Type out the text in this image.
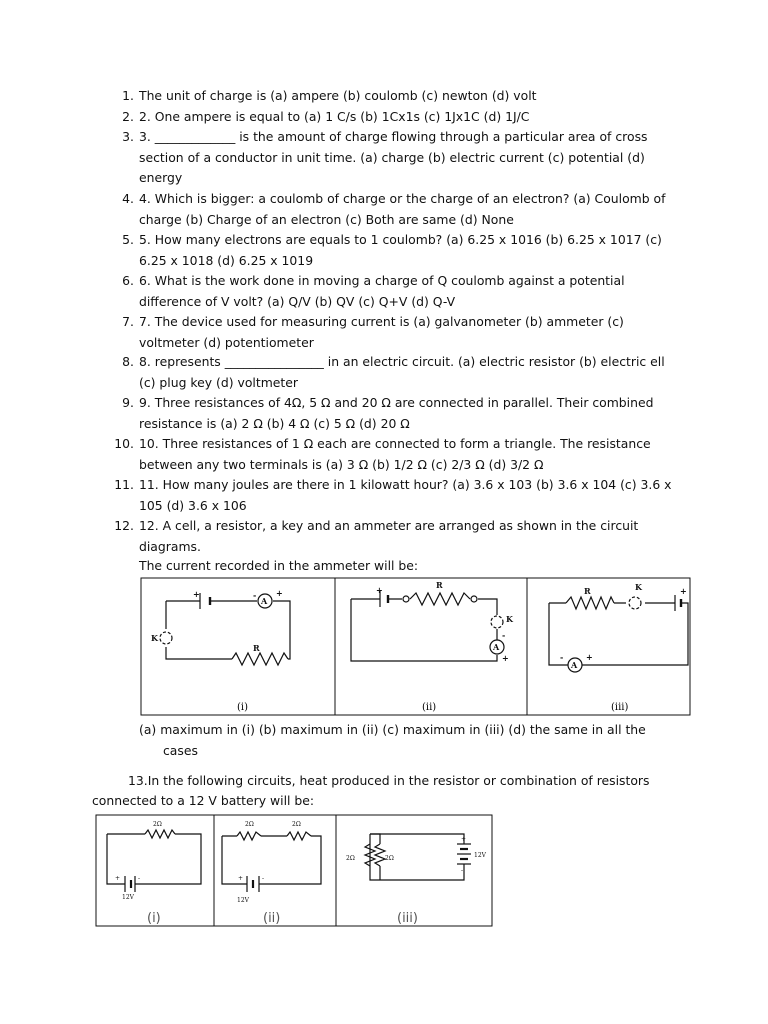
1. The unit of charge is (a) ampere (b) coulomb (c) newton (d) volt
2. 2. One ampere is equal to (a) 1 C/s (b) 1Cx1s (c) 1Jx1C (d) 1J/C
3. 3. _____________ is the amount of charge flowing through a particular area of cross section of a conductor in unit time. (a) charge (b) electric current (c) potential (d) energy
4. 4. Which is bigger: a coulomb of charge or the charge of an electron? (a) Coulomb of charge (b) Charge of an electron (c) Both are same (d) None
5. 5. How many electrons are equals to 1 coulomb? (a) 6.25 x 1016 (b) 6.25 x 1017 (c) 6.25 x 1018 (d) 6.25 x 1019
6. 6. What is the work done in moving a charge of Q coulomb against a potential difference of V volt? (a) Q/V (b) QV (c) Q+V (d) Q-V
7. 7. The device used for measuring current is (a) galvanometer (b) ammeter (c) voltmeter (d) potentiometer
8. 8. represents ________________ in an electric circuit. (a) electric resistor (b) electric ell (c) plug key (d) voltmeter
9. 9. Three resistances of 4Ω, 5 Ω and 20 Ω are connected in parallel. Their combined resistance is (a) 2 Ω (b) 4 Ω (c) 5 Ω (d) 20 Ω
10. 10. Three resistances of 1 Ω each are connected to form a triangle. The resistance between any two terminals is (a) 3 Ω (b) 1/2 Ω (c) 2/3 Ω (d) 3/2 Ω
11. 11. How many joules are there in 1 kilowatt hour? (a) 3.6 x 103 (b) 3.6 x 104 (c) 3.6 x 105 (d) 3.6 x 106
12. 12. A cell, a resistor, a key and an ammeter are arranged as shown in the circuit diagrams.
The current recorded in the ammeter will be:
A
- +
+
R
K
(i)
+	R
K
A
-
+
(ii)
R	K	+
A
-	+
(iii)
(a) maximum in (i) (b) maximum in (ii) (c) maximum in (iii) (d) the same in all the
cases
13.In the following circuits, heat produced in the resistor or combination of resistors
connected to a 12 V battery will be:
2Ω
12V
+	-
(i)
2Ω	2Ω
12V
+	-
(ii)
2Ω	2Ω	12V
+
-
(iii)
